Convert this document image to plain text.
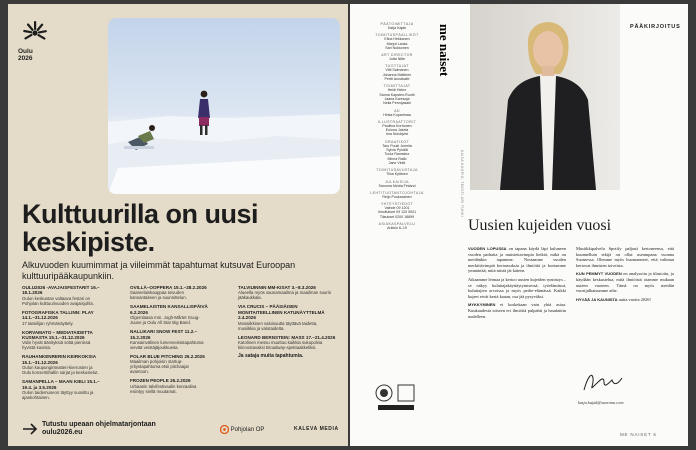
Oulu
2026
Kulttuurilla on uusi keskipiste.
Alkuvuoden kuumimmat ja viileimmät tapahtumat kutsuvat Euroopan kulttuuripääkaupunkiin.
OULU2026 -AVAJAISFESTARIT 16.–18.1.2026
Oulun keskustan valtaava festari on Pohjolan kulttuurivuoden avajaisjuhla.
FOTOGRAFISKA TALLINN: PLAY 14.1.–31.12.2026
17 taiteilijan ryhmänäyttely.
KORVAMATO – MEDIATAIDETTA KUSMASTA 15.1.–31.12.2026
Valin hyvät äänityksiä söitä pienissä hyvistä kuvista.
RAUHANKENRERIN KEIRKOKSIA 15.1.–31.12.2026
Oulun kaupunginteatteri-kierrosten ja Oulu konserttihallin sarjat ja keskustelut.
SAMANPELLA – MAAN KIELI 15.1.–19.4. ja 3.5.2026
Oulun taidemuseon täyttyy suosittu ja ajankohtainen.
OVILLÄ–OOPPERA 15.1.–28.2.2026
Saamelaiskauppaa toivuden kansantaiteen ja suunnittelun.
SAAMELAISTEN KANSALLISPÄIVÄ 6.2.2026
Olgemlaasa mm. Jogh-Mårtet Guug-Juuse ja Oulu All Star Big Band.
NALLIKARI SNOW FEST 11.2.–15.2.2026
Kansainvälinen lumenveistotapahtuma vievää veistäjäjoukkueita.
POLAR BLUE PITCHING 26.2.2026
Maailman pohjoisin startup-yritystapahtuma etsii pitchaajat avantoon.
FROZEN PEOPLE 26.2.2026
Urbaanin talvifestivaalin kenraalina esiintyy siellä muutamat.
TALVIUINNIN MM-KISAT 3.–8.3.2026
Alueella myös saunamaailma ja maailman suurin jääkaukkala.
VIA CRUCIS – PÄÄSIÄISEN MONITAITEELLINEN KATUNÄYTTELMÄ 2.4.2026
Mosaiikkinen valoisuutta täyttävä taidetta, musiikkia ja valotaidetta.
LEONARD BERNSTEIN: MASS 17.–21.4.2026
Katolinen messu muuttuu kaikkia sukupolvia kiinnostavaksi Broadway-spektaakkeliksi.
Ja sataja muita tapahtumia.
Tutustu upeaan ohjelmatarjontaan oulu2026.eu	Pohjolan OP	KALEVA MEDIA
PÄÄTOIMITTAJA
Katja Kajak
TOIMITUSPÄÄLLIKÖT
Elina Hekkanen
Marjut Lauka
Sari Nokkonen
ART DIRECTOR
Jutta Nitte
TUOTTAJAT
Vitti Salmanen
Johanna Mattinen
Pertti Aunakalle
TOIMITTAJAT
Heidi Heino
Sanna Kapsten-Ruutti
Jaana Karesoja
Nelia Pervojasaki
AD
Hinka Kuparimaa
ILLUSTRAATTORIT
Pauliina Korhonen
Euluna Jokela
Ima Nordqvist
GRAAFIKOT
Taru Puuki Jormila
Sylvia Pyhälä
Tuula Ramsieur
Minna Ratki
Jane Vintti
TOIMITUSAVUSTAJA
Tiina Kytänen
JULKAISIJA
Sanoma Media Finland
LEHTITUOTANTOJOHTAJA
Reijo Puukarainen
YHTEYSTIEDOT
Vaihde 09 1201
Ilmoitukset 09 120 5001
Tilaukset 0200 18899
ASIAKASPALVELU
Arkisin 8–19
me naiset
KAISA KUOPIO, TEKSTI ARI TUHKI
PÄÄKIRJOITUS
Uusien kujeiden vuosi

VUODEN LOPUSSA on tapana käydä läpi kuluneen vuoden parhaita ja muistettavimpia hetkiä, mikä on meidänkin tapamme. Nostamme vuoden merkittävimpiä kertomuksia ja ilmiöitä ja koetamme ymmärtää, mitä niistä jäi käteen.

Aikaamme leimaa ja kertoo uusien kujeiden rynnistys – se näkyy kuluttajakäyttäytymisessä, työelämässä, kuluttajien arvoissa ja myös perhe-elämässä. Kaikki kujeet eivät kestä kauan, osa jää pysyväksi.

MYKKYMINEN ei koskekaan vain yhtä asiaa. Kuukaudesta toiseen eri ilmiöitä pulpahti ja haudattiin uudelleen.

Musiikkipalvelu Spotify paljasti kertoneensa, että kuunnelluin tekijä on ollut useampana vuonna Suomessa. Olemme myös huomanneet, että valinnat kertovat ihmisten toiveista.

KUN PEMMYT VUODEN on analysoitu ja tilastoitu, ja käydään keskustelua, mitä ilmiöistä otamme mukaan uuteen vuoteen. Tämä on myös meidän vuosijulkaisumme aihe.

HYVÄÄ JA KAUNISTA uutta vuotta 2026!

katja.kajak@sanoma.com
ME NAISET 5
